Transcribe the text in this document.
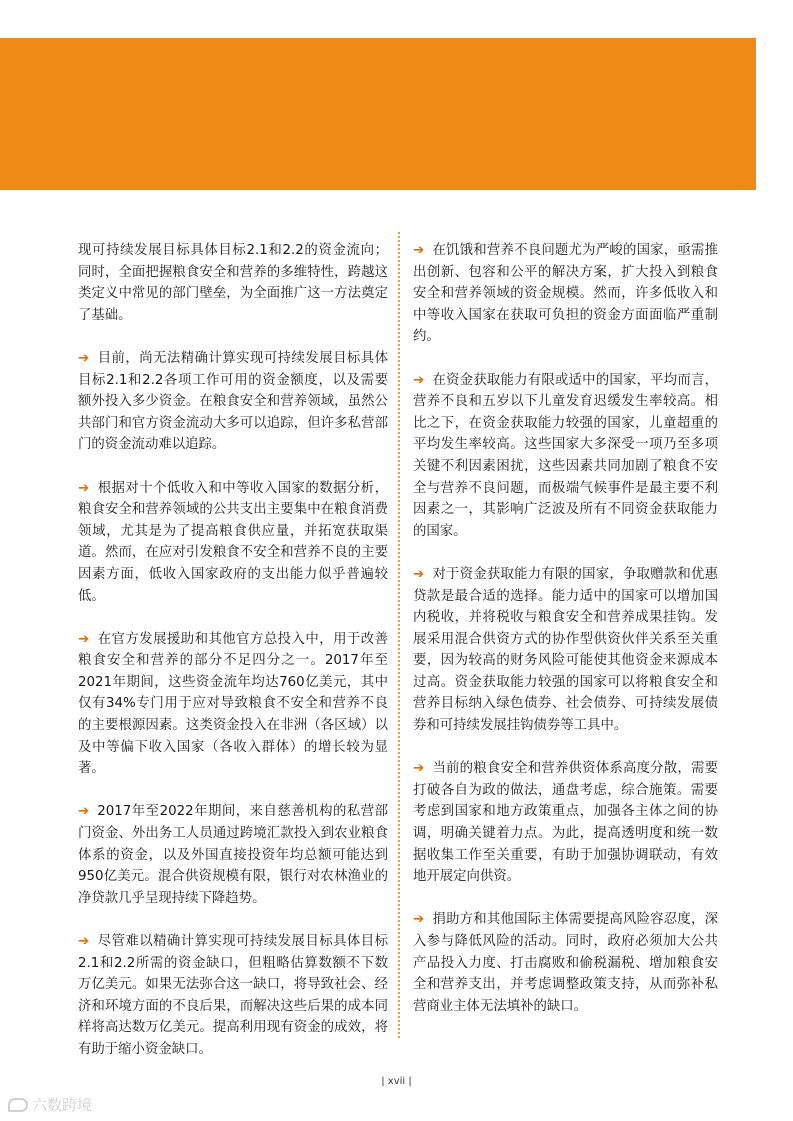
现可持续发展目标具体目标2.1和2.2的资金流向；同时，全面把握粮食安全和营养的多维特性，跨越这类定义中常见的部门壁垒，为全面推广这一方法奠定了基础。

➔ 目前，尚无法精确计算实现可持续发展目标具体目标2.1和2.2各项工作可用的资金额度，以及需要额外投入多少资金。在粮食安全和营养领域，虽然公共部门和官方资金流动大多可以追踪，但许多私营部门的资金流动难以追踪。

➔ 根据对十个低收入和中等收入国家的数据分析，粮食安全和营养领域的公共支出主要集中在粮食消费领域，尤其是为了提高粮食供应量，并拓宽获取渠道。然而，在应对引发粮食不安全和营养不良的主要因素方面，低收入国家政府的支出能力似乎普遍较低。

➔ 在官方发展援助和其他官方总投入中，用于改善粮食安全和营养的部分不足四分之一。2017年至2021年期间，这些资金流年均达760亿美元，其中仅有34%专门用于应对导致粮食不安全和营养不良的主要根源因素。这类资金投入在非洲（各区域）以及中等偏下收入国家（各收入群体）的增长较为显著。

➔ 2017年至2022年期间，来自慈善机构的私营部门资金、外出务工人员通过跨境汇款投入到农业粮食体系的资金，以及外国直接投资年均总额可能达到950亿美元。混合供资规模有限，银行对农林渔业的净贷款几乎呈现持续下降趋势。

➔ 尽管难以精确计算实现可持续发展目标具体目标2.1和2.2所需的资金缺口，但粗略估算数额不下数万亿美元。如果无法弥合这一缺口，将导致社会、经济和环境方面的不良后果，而解决这些后果的成本同样将高达数万亿美元。提高利用现有资金的成效，将有助于缩小资金缺口。

➔ 在饥饿和营养不良问题尤为严峻的国家，亟需推出创新、包容和公平的解决方案，扩大投入到粮食安全和营养领域的资金规模。然而，许多低收入和中等收入国家在获取可负担的资金方面面临严重制约。

➔ 在资金获取能力有限或适中的国家，平均而言，营养不良和五岁以下儿童发育迟缓发生率较高。相比之下，在资金获取能力较强的国家，儿童超重的平均发生率较高。这些国家大多深受一项乃至多项关键不利因素困扰，这些因素共同加剧了粮食不安全与营养不良问题，而极端气候事件是最主要不利因素之一，其影响广泛波及所有不同资金获取能力的国家。

➔ 对于资金获取能力有限的国家，争取赠款和优惠贷款是最合适的选择。能力适中的国家可以增加国内税收，并将税收与粮食安全和营养成果挂钩。发展采用混合供资方式的协作型供资伙伴关系至关重要，因为较高的财务风险可能使其他资金来源成本过高。资金获取能力较强的国家可以将粮食安全和营养目标纳入绿色债券、社会债券、可持续发展债券和可持续发展挂钩债券等工具中。

➔ 当前的粮食安全和营养供资体系高度分散，需要打破各自为政的做法，通盘考虑，综合施策。需要考虑到国家和地方政策重点，加强各主体之间的协调，明确关键着力点。为此，提高透明度和统一数据收集工作至关重要，有助于加强协调联动，有效地开展定向供资。

➔ 捐助方和其他国际主体需要提高风险容忍度，深入参与降低风险的活动。同时，政府必须加大公共产品投入力度、打击腐败和偷税漏税、增加粮食安全和营养支出，并考虑调整政策支持，从而弥补私营商业主体无法填补的缺口。

| xvii |
六数跨境
